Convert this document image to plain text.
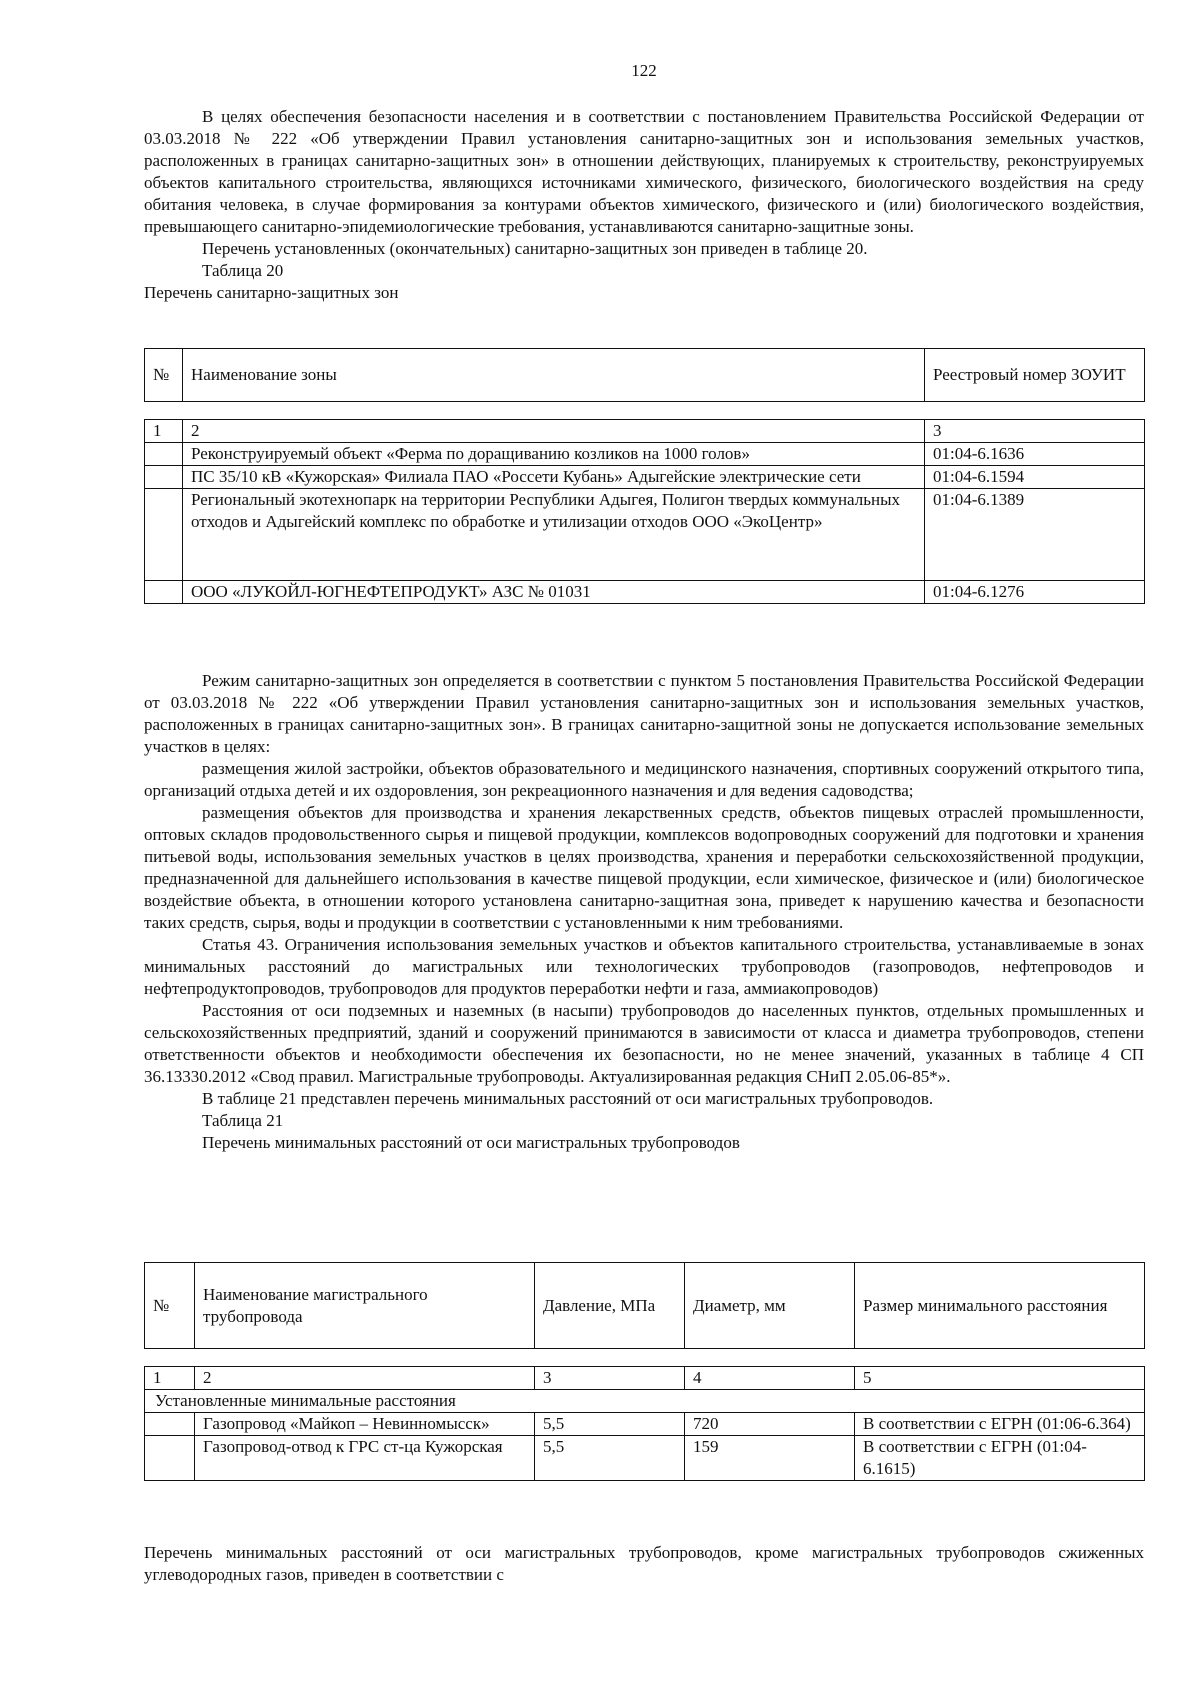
122

В целях обеспечения безопасности населения и в соответствии с постановлением Правительства Российской Федерации от 03.03.2018 № 222 «Об утверждении Правил установления санитарно-защитных зон и использования земельных участков, расположенных в границах санитарно-защитных зон» в отношении действующих, планируемых к строительству, реконструируемых объектов капитального строительства, являющихся источниками химического, физического, биологического воздействия на среду обитания человека, в случае формирования за контурами объектов химического, физического и (или) биологического воздействия, превышающего санитарно-эпидемиологические требования, устанавливаются санитарно-защитные зоны.

Перечень установленных (окончательных) санитарно-защитных зон приведен в таблице 20.

Таблица 20
Перечень санитарно-защитных зон
№	Наименование зоны	Реестровый номер ЗОУИТ

1	2	3
	Реконструируемый объект «Ферма по доращиванию козликов на 1000 голов»	01:04-6.1636
	ПС 35/10 кВ «Кужорская» Филиала ПАО «Россети Кубань» Адыгейские электрические сети	01:04-6.1594
	Региональный экотехнопарк на территории Республики Адыгея, Полигон твердых коммунальных отходов и Адыгейский комплекс по обработке и утилизации отходов ООО «ЭкоЦентр»	01:04-6.1389
	ООО «ЛУКОЙЛ-ЮГНЕФТЕПРОДУКТ» АЗС № 01031	01:04-6.1276

Режим санитарно-защитных зон определяется в соответствии с пунктом 5 постановления Правительства Российской Федерации от 03.03.2018 № 222 «Об утверждении Правил установления санитарно-защитных зон и использования земельных участков, расположенных в границах санитарно-защитных зон». В границах санитарно-защитной зоны не допускается использование земельных участков в целях:

размещения жилой застройки, объектов образовательного и медицинского назначения, спортивных сооружений открытого типа, организаций отдыха детей и их оздоровления, зон рекреационного назначения и для ведения садоводства;

размещения объектов для производства и хранения лекарственных средств, объектов пищевых отраслей промышленности, оптовых складов продовольственного сырья и пищевой продукции, комплексов водопроводных сооружений для подготовки и хранения питьевой воды, использования земельных участков в целях производства, хранения и переработки сельскохозяйственной продукции, предназначенной для дальнейшего использования в качестве пищевой продукции, если химическое, физическое и (или) биологическое воздействие объекта, в отношении которого установлена санитарно-защитная зона, приведет к нарушению качества и безопасности таких средств, сырья, воды и продукции в соответствии с установленными к ним требованиями.

Статья 43. Ограничения использования земельных участков и объектов капитального строительства, устанавливаемые в зонах минимальных расстояний до магистральных или технологических трубопроводов (газопроводов, нефтепроводов и нефтепродуктопроводов, трубопроводов для продуктов переработки нефти и газа, аммиакопроводов)

Расстояния от оси подземных и наземных (в насыпи) трубопроводов до населенных пунктов, отдельных промышленных и сельскохозяйственных предприятий, зданий и сооружений принимаются в зависимости от класса и диаметра трубопроводов, степени ответственности объектов и необходимости обеспечения их безопасности, но не менее значений, указанных в таблице 4 СП 36.13330.2012 «Свод правил. Магистральные трубопроводы. Актуализированная редакция СНиП 2.05.06-85*».

В таблице 21 представлен перечень минимальных расстояний от оси магистральных трубопроводов.

Таблица 21
Перечень минимальных расстояний от оси магистральных трубопроводов
№	Наименование магистрального трубопровода	Давление, МПа	Диаметр, мм	Размер минимального расстояния

1	2	3	4	5
Установленные минимальные расстояния				
	Газопровод «Майкоп – Невинномысск»	5,5	720	В соответствии с ЕГРН (01:06-6.364)
	Газопровод-отвод к ГРС ст-ца Кужорская	5,5	159	В соответствии с ЕГРН (01:04-6.1615)

Перечень минимальных расстояний от оси магистральных трубопроводов, кроме магистральных трубопроводов сжиженных углеводородных газов, приведен в соответствии с
